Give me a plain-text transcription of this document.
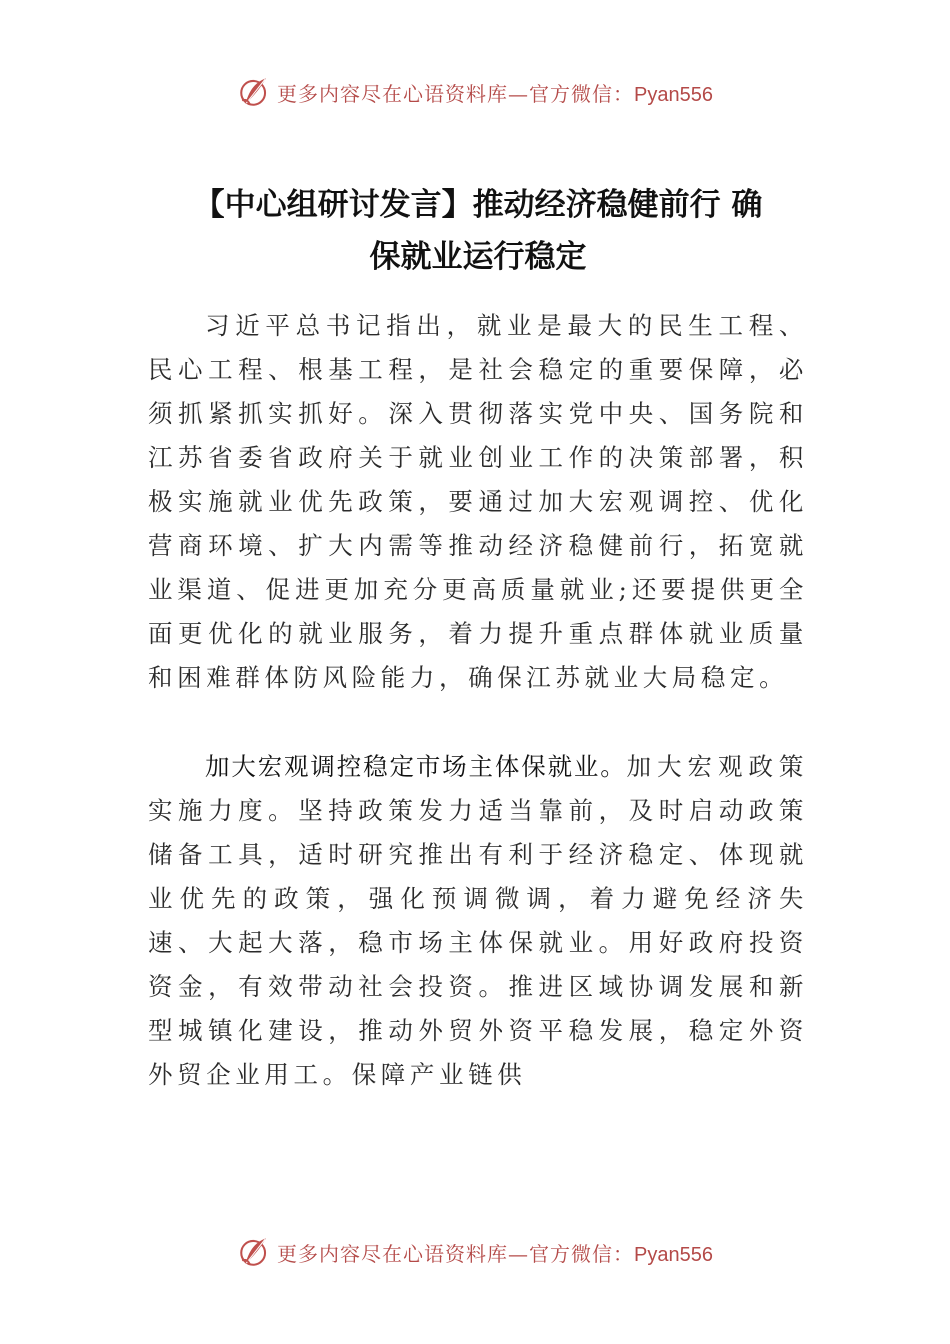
更多内容尽在心语资料库—官方微信：Pyan556
【中心组研讨发言】推动经济稳健前行 确
保就业运行稳定

习近平总书记指出，就业是最大的民生工程、民心工程、根基工程，是社会稳定的重要保障，必须抓紧抓实抓好。深入贯彻落实党中央、国务院和江苏省委省政府关于就业创业工作的决策部署，积极实施就业优先政策，要通过加大宏观调控、优化营商环境、扩大内需等推动经济稳健前行，拓宽就业渠道、促进更加充分更高质量就业;还要提供更全面更优化的就业服务，着力提升重点群体就业质量和困难群体防风险能力，确保江苏就业大局稳定。

加大宏观调控稳定市场主体保就业。加大宏观政策实施力度。坚持政策发力适当靠前，及时启动政策储备工具，适时研究推出有利于经济稳定、体现就业优先的政策，强化预调微调，着力避免经济失速、大起大落，稳市场主体保就业。用好政府投资资金，有效带动社会投资。推进区域协调发展和新型城镇化建设，推动外贸外资平稳发展，稳定外资外贸企业用工。保障产业链供

更多内容尽在心语资料库—官方微信：Pyan556
